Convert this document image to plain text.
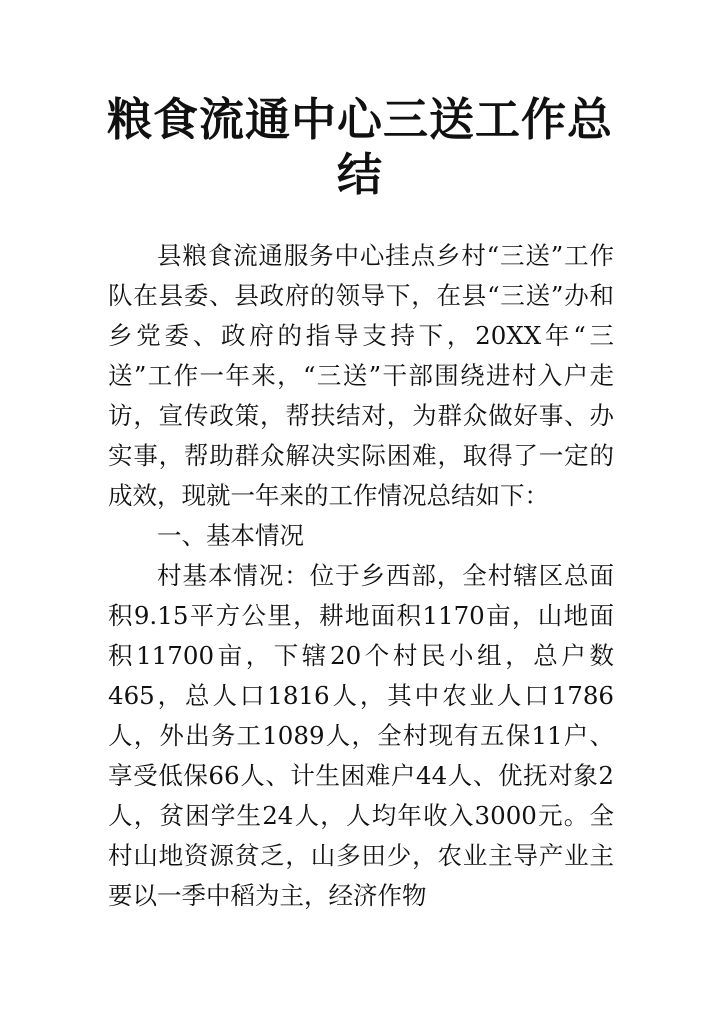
粮食流通中心三送工作总结

县粮食流通服务中心挂点乡村“三送”工作队在县委、县政府的领导下，在县“三送”办和乡党委、政府的指导支持下，20XX年“三送”工作一年来，“三送”干部围绕进村入户走访，宣传政策，帮扶结对，为群众做好事、办实事，帮助群众解决实际困难，取得了一定的成效，现就一年来的工作情况总结如下：

一、基本情况

村基本情况：位于乡西部，全村辖区总面积9.15平方公里，耕地面积1170亩，山地面积11700亩，下辖20个村民小组，总户数465，总人口1816人，其中农业人口1786人，外出务工1089人，全村现有五保11户、享受低保66人、计生困难户44人、优抚对象2人，贫困学生24人，人均年收入3000元。全村山地资源贫乏，山多田少，农业主导产业主要以一季中稻为主，经济作物
